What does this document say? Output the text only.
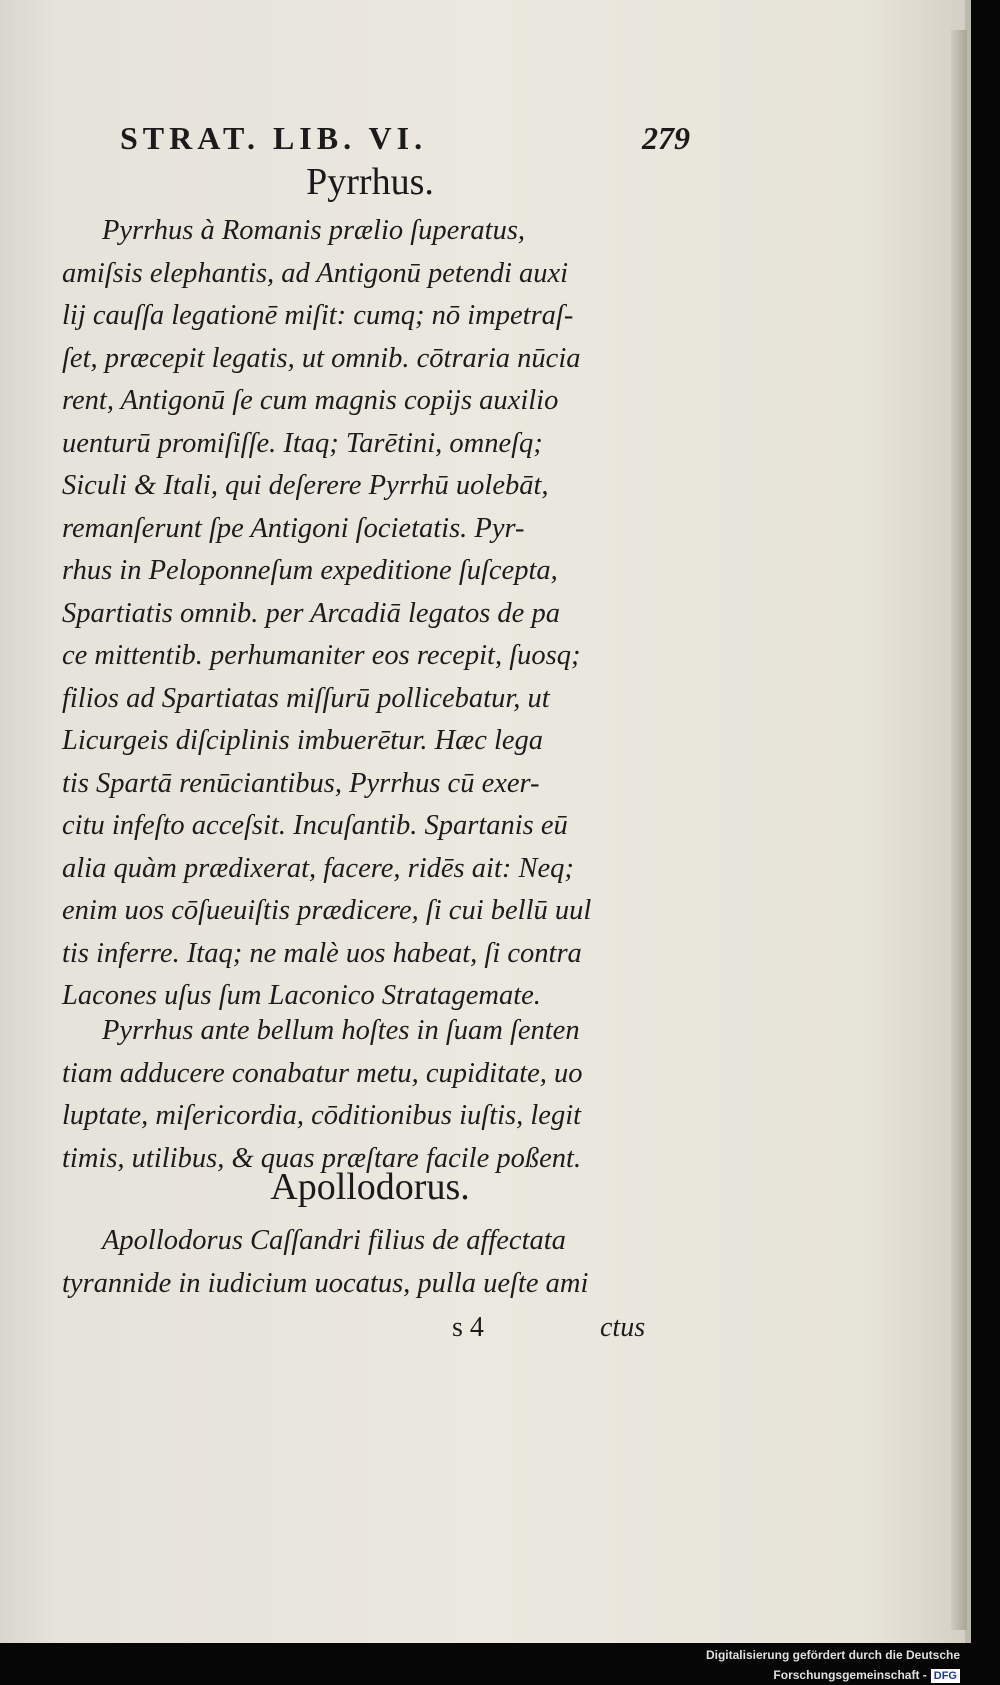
STRAT. LIB. VI.	279
Pyrrhus.
Pyrrhus à Romanis prælio ſuperatus,
amiſsis elephantis, ad Antigonū petendi auxi
lij cauſſa legationē miſit: cumq; nō impetraſ-
ſet, præcepit legatis, ut omnib. cōtraria nūcia
rent, Antigonū ſe cum magnis copijs auxilio
uenturū promiſiſſe. Itaq; Tarētini, omneſq;
Siculi & Itali, qui deſerere Pyrrhū uolebāt,
remanſerunt ſpe Antigoni ſocietatis. Pyr-
rhus in Peloponneſum expeditione ſuſcepta,
Spartiatis omnib. per Arcadiā legatos de pa
ce mittentib. perhumaniter eos recepit, ſuosq;
filios ad Spartiatas miſſurū pollicebatur, ut
Licurgeis diſciplinis imbuerētur. Hæc lega
tis Spartā renūciantibus, Pyrrhus cū exer-
citu infeſto acceſsit. Incuſantib. Spartanis eū
alia quàm prædixerat, facere, ridēs ait: Neq;
enim uos cōſueuiſtis prædicere, ſi cui bellū uul
tis inferre. Itaq; ne malè uos habeat, ſi contra
Lacones uſus ſum Laconico Stratagemate.
Pyrrhus ante bellum hoſtes in ſuam ſenten
tiam adducere conabatur metu, cupiditate, uo
luptate, miſericordia, cōditionibus iuſtis, legit
timis, utilibus, & quas præſtare facile poßent.
Apollodorus.
Apollodorus Caſſandri filius de affectata
tyrannide in iudicium uocatus, pulla ueſte ami
s 4	ctus
Digitalisierung gefördert durch die Deutsche Forschungsgemeinschaft - DFG
